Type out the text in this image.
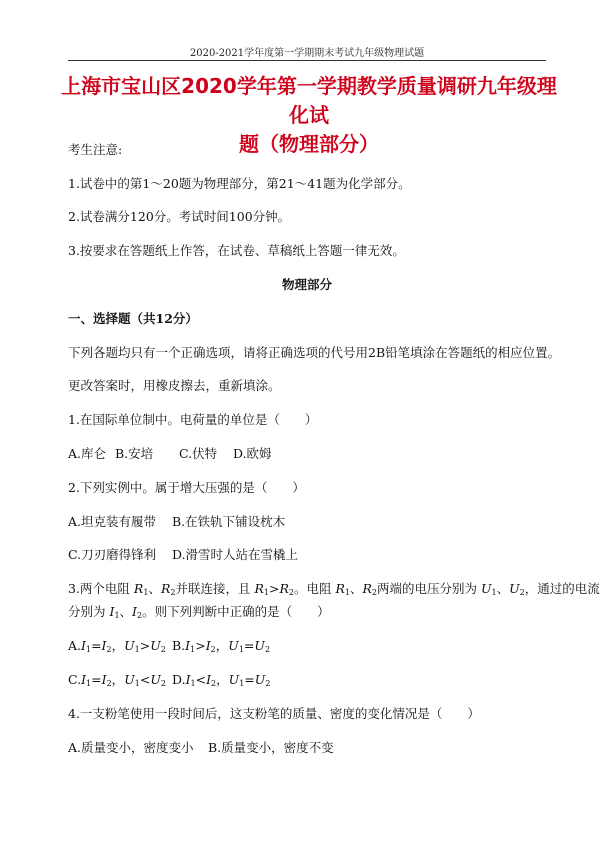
2020-2021学年度第一学期期末考试九年级物理试题
上海市宝山区2020学年第一学期教学质量调研九年级理化试
题（物理部分）
考生注意:
1.试卷中的第1～20题为物理部分，第21～41题为化学部分。
2.试卷满分120分。考试时间100分钟。
3.按要求在答题纸上作答，在试卷、草稿纸上答题一律无效。
物理部分
一、选择题（共12分）
下列各题均只有一个正确选项，请将正确选项的代号用2B铅笔填涂在答题纸的相应位置。
更改答案时，用橡皮擦去，重新填涂。
1.在国际单位制中。电荷量的单位是（　　）
A.库仑 B.安培 C.伏特 D.欧姆
2.下列实例中。属于增大压强的是（　　）
A.坦克装有履带 B.在铁轨下铺设枕木
C.刀刃磨得锋利 D.滑雪时人站在雪橇上
3.两个电阻 $R_1$、$R_2$并联连接，且 $R_1>R_2$。电阻 $R_1$、$R_2$两端的电压分别为 $U_1$、$U_2$，通过的电流
分别为 $I_1$、$I_2$。则下列判断中正确的是（　　）
$A.I_1=I_2$，$U_1>U_2$ $B.I_1>I_2$，$U_1=U_2$
$C.I_1=I_2$，$U_1<U_2$ $D.I_1<I_2$，$U_1=U_2$
4.一支粉笔使用一段时间后，这支粉笔的质量、密度的变化情况是（　　）
A.质量变小，密度变小 B.质量变小，密度不变
